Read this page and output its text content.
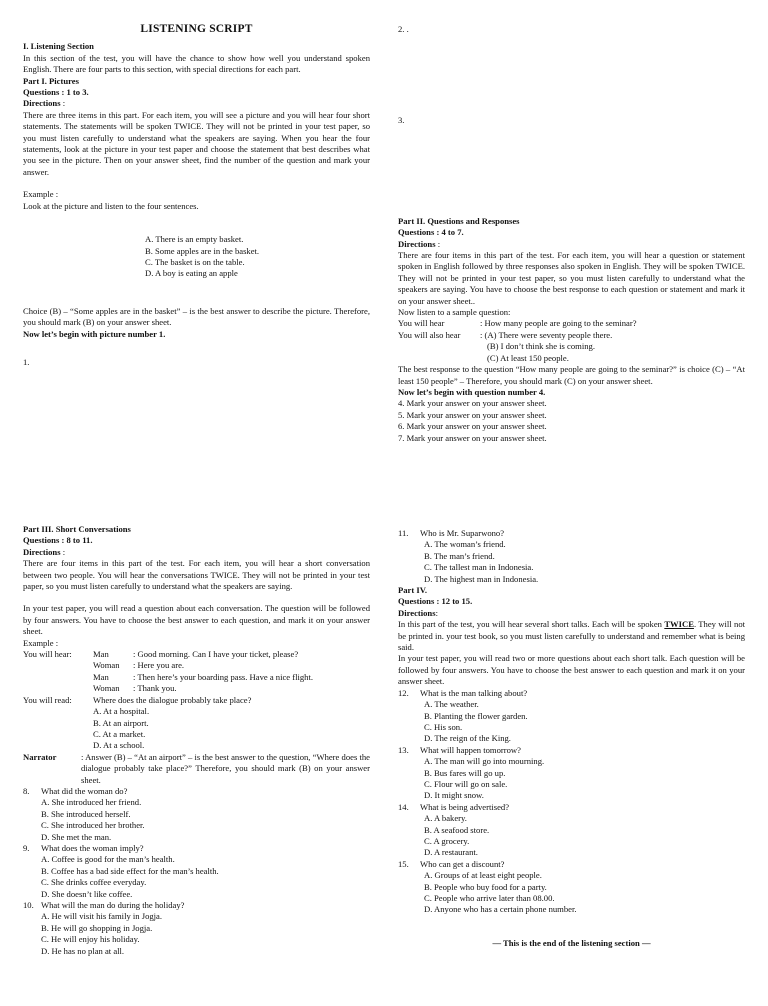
LISTENING SCRIPT

I. Listening Section

In this section of the test, you will have the chance to show how well you understand spoken English. There are four parts to this section, with special directions for each part.

Part I. Pictures

Questions : 1 to 3.

Directions :

There are three items in this part. For each item, you will see a picture and you will hear four short statements. The statements will be spoken TWICE. They will not be printed in your test paper, so you must listen carefully to understand what the speakers are saying. When you hear the four statements, look at the picture in your test paper and choose the statement that best describes what you see in the picture. Then on your answer sheet, find the number of the question and mark your answer.

Example :

Look at the picture and listen to the four sentences.

A. There is an empty basket.

B. Some apples are in the basket.

C. The basket is on the table.

D. A boy is eating an apple

Choice (B) – “Some apples are in the basket” – is the best answer to describe the picture. Therefore, you should mark (B) on your answer sheet.

Now let’s begin with picture number 1.

1.

2. .

3.

Part II. Questions and Responses

Questions : 4 to 7.

Directions :

There are four items in this part of the test. For each item, you will hear a question or statement spoken in English followed by three responses also spoken in English. They will be spoken TWICE. They will not be printed in your test paper, so you must listen carefully to understand what the speakers are saying. You have to choose the best response to each question or statement and mark it on your answer sheet..

Now listen to a sample question:

You will hear	: How many people are going to the seminar?
You will also hear	: (A) There were seventy people there.

(B) I don’t think she is coming.

(C) At least 150 people.

The best response to the question “How many people are going to the seminar?” is choice (C) – “At least 150 people” – Therefore, you should mark (C) on your answer sheet.

Now let’s begin with question number 4.

4. Mark your answer on your answer sheet.

5. Mark your answer on your answer sheet.

6. Mark your answer on your answer sheet.

7. Mark your answer on your answer sheet.

Part III. Short Conversations

Questions : 8 to 11.

Directions :

There are four items in this part of the test. For each item, you will hear a short conversation between two people. You will hear the conversations TWICE. They will not be printed in your test paper, so you must listen carefully to understand what the speakers are saying.

In your test paper, you will read a question about each conversation. The question will be followed by four answers. You have to choose the best answer to each question, and mark it on your answer sheet.

Example :

You will hear:	Man	: Good morning. Can I have your ticket, please?
Woman	: Here you are.
Man	: Then here’s your boarding pass. Have a nice flight.
Woman	: Thank you.
You will read:	Where does the dialogue probably take place?

A. At a hospital.

B. At an airport.

C. At a market.

D. At a school.

Narrator	: Answer (B) – “At an airport” – is the best answer to the question, “Where does the dialogue probably take place?” Therefore, you should mark (B) on your answer sheet.
8.	What did the woman do?

A. She introduced her friend.

B. She introduced herself.

C. She introduced her brother.

D. She met the man.

9.	What does the woman imply?

A. Coffee is good for the man’s health.

B. Coffee has a bad side effect for the man’s health.

C. She drinks coffee everyday.

D. She doesn’t like coffee.

10. What will the man do during the holiday?

A. He will visit his family in Jogja.

B. He will go shopping in Jogja.

C. He will enjoy his holiday.

D. He has no plan at all.

11.	Who is Mr. Suparwono?

A. The woman’s friend.

B. The man’s friend.

C. The tallest man in Indonesia.

D. The highest man in Indonesia.

Part IV.

Questions : 12 to 15.

Directions:

In this part of the test, you will hear several short talks. Each will be spoken TWICE. They will not be printed in. your test book, so you must listen carefully to understand and remember what is being said.

In your test paper, you will read two or more questions about each short talk. Each question will be followed by four answers. You have to choose the best answer to each question and mark it on your answer sheet.

12.	What is the man talking about?

A. The weather.

B. Planting the flower garden.

C. His son.

D. The reign of the King.

13.	What will happen tomorrow?

A. The man will go into mourning.

B. Bus fares will go up.

C. Flour will go on sale.

D. It might snow.

14.	What is being advertised?

A. A bakery.

B. A seafood store.

C. A grocery.

D. A restaurant.

15.	Who can get a discount?

A. Groups of at least eight people.

B. People who buy food for a party.

C. People who arrive later than 08.00.

D. Anyone who has a certain phone number.

— This is the end of the listening section —
